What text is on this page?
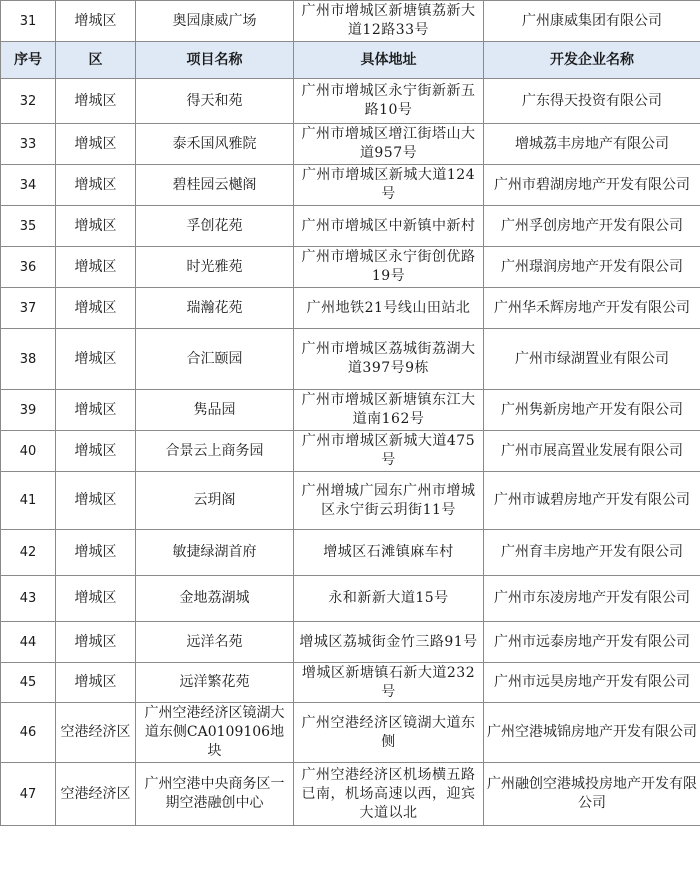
31	增城区	奥园康威广场	广州市增城区新塘镇荔新大道12路33号	广州康威集团有限公司
序号	区	项目名称	具体地址	开发企业名称
32	增城区	得天和苑	广州市增城区永宁街新新五路10号	广东得天投资有限公司
33	增城区	泰禾国风雅院	广州市增城区增江街塔山大道957号	增城荔丰房地产有限公司
34	增城区	碧桂园云樾阁	广州市增城区新城大道124号	广州市碧湖房地产开发有限公司
35	增城区	孚创花苑	广州市增城区中新镇中新村	广州孚创房地产开发有限公司
36	增城区	时光雅苑	广州市增城区永宁街创优路19号	广州璟润房地产开发有限公司
37	增城区	瑞瀚花苑	广州地铁21号线山田站北	广州华禾辉房地产开发有限公司
38	增城区	合汇颐园	广州市增城区荔城街荔湖大道397号9栋	广州市绿湖置业有限公司
39	增城区	隽品园	广州市增城区新塘镇东江大道南162号	广州隽新房地产开发有限公司
40	增城区	合景云上商务园	广州市增城区新城大道475号	广州市展高置业发展有限公司
41	增城区	云玥阁	广州增城广园东广州市增城区永宁街云玥街11号	广州市诚碧房地产开发有限公司
42	增城区	敏捷绿湖首府	增城区石滩镇麻车村	广州育丰房地产开发有限公司
43	增城区	金地荔湖城	永和新新大道15号	广州市东凌房地产开发有限公司
44	增城区	远洋名苑	增城区荔城街金竹三路91号	广州市远泰房地产开发有限公司
45	增城区	远洋繁花苑	增城区新塘镇石新大道232号	广州市远昊房地产开发有限公司
46	空港经济区	广州空港经济区镜湖大道东侧CA0109106地块	广州空港经济区镜湖大道东侧	广州空港城锦房地产开发有限公司
47	空港经济区	广州空港中央商务区一期空港融创中心	广州空港经济区机场横五路已南，机场高速以西，迎宾大道以北	广州融创空港城投房地产开发有限公司
